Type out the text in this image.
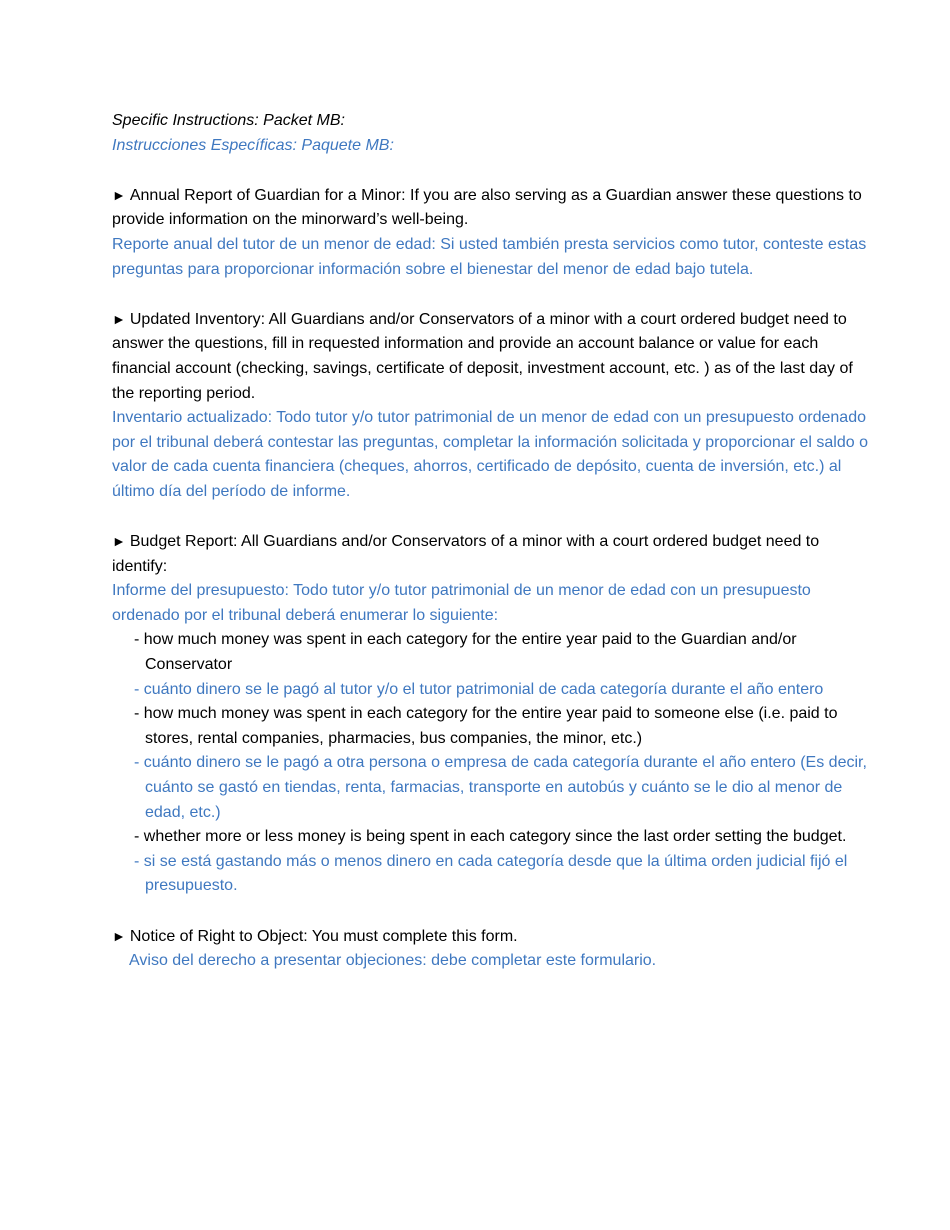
Specific Instructions: Packet MB:
Instrucciones Específicas: Paquete MB:
► Annual Report of Guardian for a Minor: If you are also serving as a Guardian answer these questions to provide information on the minorward’s well-being.
Reporte anual del tutor de un menor de edad: Si usted también presta servicios como tutor, conteste estas preguntas para proporcionar información sobre el bienestar del menor de edad bajo tutela.
► Updated Inventory: All Guardians and/or Conservators of a minor with a court ordered budget need to answer the questions, fill in requested information and provide an account balance or value for each financial account (checking, savings, certificate of deposit, investment account, etc. ) as of the last day of the reporting period.
Inventario actualizado: Todo tutor y/o tutor patrimonial de un menor de edad con un presupuesto ordenado por el tribunal deberá contestar las preguntas, completar la información solicitada y proporcionar el saldo o valor de cada cuenta financiera (cheques, ahorros, certificado de depósito, cuenta de inversión, etc.) al último día del período de informe.
► Budget Report: All Guardians and/or Conservators of a minor with a court ordered budget need to identify:
Informe del presupuesto: Todo tutor y/o tutor patrimonial de un menor de edad con un presupuesto ordenado por el tribunal deberá enumerar lo siguiente:
- how much money was spent in each category for the entire year paid to the Guardian and/or Conservator
- cuánto dinero se le pagó al tutor y/o el tutor patrimonial de cada categoría durante el año entero
- how much money was spent in each category for the entire year paid to someone else (i.e. paid to stores, rental companies, pharmacies, bus companies, the minor, etc.)
- cuánto dinero se le pagó a otra persona o empresa de cada categoría durante el año entero (Es decir, cuánto se gastó en tiendas, renta, farmacias, transporte en autobús y cuánto se le dio al menor de edad, etc.)
- whether more or less money is being spent in each category since the last order setting the budget.
- si se está gastando más o menos dinero en cada categoría desde que la última orden judicial fijó el presupuesto.
► Notice of Right to Object: You must complete this form.
Aviso del derecho a presentar objeciones: debe completar este formulario.
